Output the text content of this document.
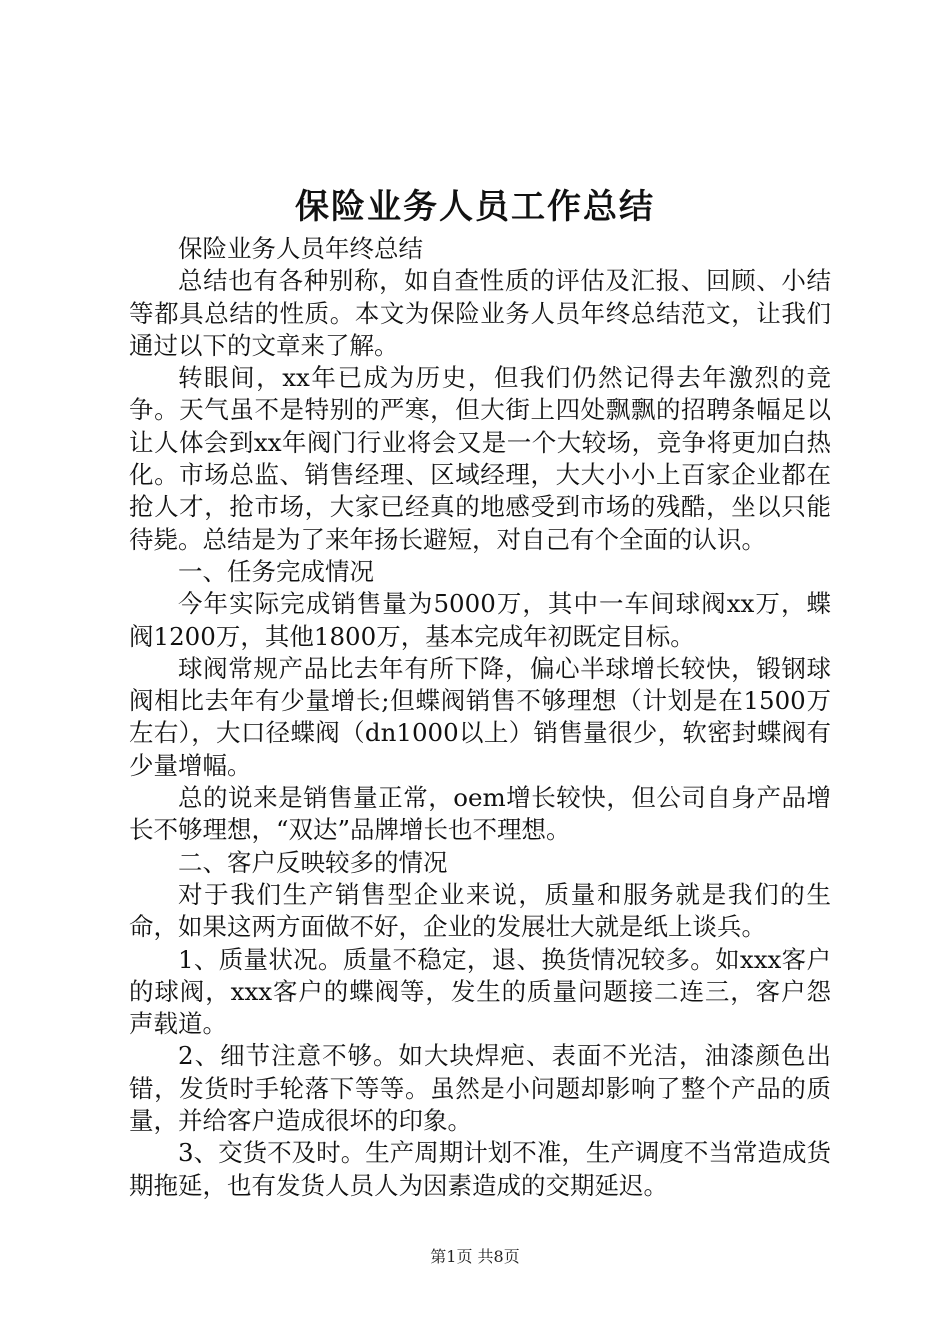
保险业务人员工作总结

保险业务人员年终总结

总结也有各种别称，如自查性质的评估及汇报、回顾、小结等都具总结的性质。本文为保险业务人员年终总结范文，让我们通过以下的文章来了解。

转眼间，xx年已成为历史，但我们仍然记得去年激烈的竞争。天气虽不是特别的严寒，但大街上四处飘飘的招聘条幅足以让人体会到xx年阀门行业将会又是一个大较场，竞争将更加白热化。市场总监、销售经理、区域经理，大大小小上百家企业都在抢人才，抢市场，大家已经真的地感受到市场的残酷，坐以只能待毙。总结是为了来年扬长避短，对自己有个全面的认识。

一、任务完成情况

今年实际完成销售量为5000万，其中一车间球阀xx万，蝶阀1200万，其他1800万，基本完成年初既定目标。

球阀常规产品比去年有所下降，偏心半球增长较快，锻钢球阀相比去年有少量增长;但蝶阀销售不够理想（计划是在1500万左右），大口径蝶阀（dn1000以上）销售量很少，软密封蝶阀有少量增幅。

总的说来是销售量正常，oem增长较快，但公司自身产品增长不够理想，“双达”品牌增长也不理想。

二、客户反映较多的情况

对于我们生产销售型企业来说，质量和服务就是我们的生命，如果这两方面做不好，企业的发展壮大就是纸上谈兵。

1、质量状况。质量不稳定，退、换货情况较多。如xxx客户的球阀，xxx客户的蝶阀等，发生的质量问题接二连三，客户怨声载道。

2、细节注意不够。如大块焊疤、表面不光洁，油漆颜色出错，发货时手轮落下等等。虽然是小问题却影响了整个产品的质量，并给客户造成很坏的印象。

3、交货不及时。生产周期计划不准，生产调度不当常造成货期拖延，也有发货人员人为因素造成的交期延迟。

第1页 共8页
